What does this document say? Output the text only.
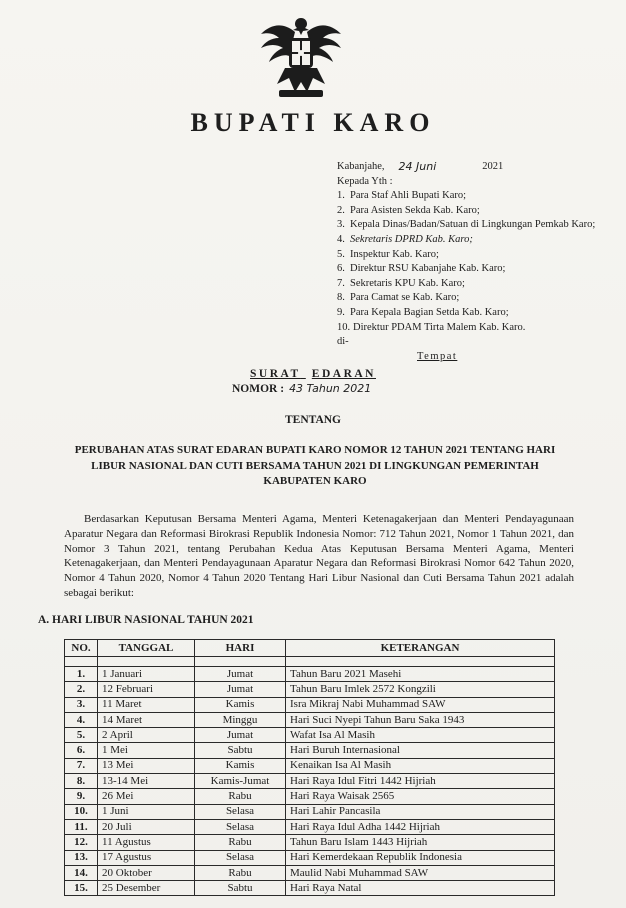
BUPATI KARO
Kabanjahe, 24 Juni	2021
Kepada Yth :
1. Para Staf Ahli Bupati Karo;
2. Para Asisten Sekda Kab. Karo;
3. Kepala Dinas/Badan/Satuan di Lingkungan Pemkab Karo;
4. Sekretaris DPRD Kab. Karo;
5. Inspektur Kab. Karo;
6. Direktur RSU Kabanjahe Kab. Karo;
7. Sekretaris KPU Kab. Karo;
8. Para Camat se Kab. Karo;
9. Para Kepala Bagian Setda Kab. Karo;
10. Direktur PDAM Tirta Malem Kab. Karo.
di-
Tempat
SURAT EDARAN
NOMOR : 43 Tahun 2021
TENTANG
PERUBAHAN ATAS SURAT EDARAN BUPATI KARO NOMOR 12 TAHUN 2021 TENTANG HARI LIBUR NASIONAL DAN CUTI BERSAMA TAHUN 2021 DI LINGKUNGAN PEMERINTAH KABUPATEN KARO

Berdasarkan Keputusan Bersama Menteri Agama, Menteri Ketenagakerjaan dan Menteri Pendayagunaan Aparatur Negara dan Reformasi Birokrasi Republik Indonesia Nomor: 712 Tahun 2021, Nomor 1 Tahun 2021, dan Nomor 3 Tahun 2021, tentang Perubahan Kedua Atas Keputusan Bersama Menteri Agama, Menteri Ketenagakerjaan, dan Menteri Pendayagunaan Aparatur Negara dan Reformasi Birokrasi Nomor 642 Tahun 2020, Nomor 4 Tahun 2020, Nomor 4 Tahun 2020 Tentang Hari Libur Nasional dan Cuti Bersama Tahun 2021 adalah sebagai berikut:

A. HARI LIBUR NASIONAL TAHUN 2021
NO.	TANGGAL	HARI	KETERANGAN

1.	1 Januari	Jumat	Tahun Baru 2021 Masehi
2.	12 Februari	Jumat	Tahun Baru Imlek 2572 Kongzili
3.	11 Maret	Kamis	Isra Mikraj Nabi Muhammad SAW
4.	14 Maret	Minggu	Hari Suci Nyepi Tahun Baru Saka 1943
5.	2 April	Jumat	Wafat Isa Al Masih
6.	1 Mei	Sabtu	Hari Buruh Internasional
7.	13 Mei	Kamis	Kenaikan Isa Al Masih
8.	13-14 Mei	Kamis-Jumat	Hari Raya Idul Fitri 1442 Hijriah
9.	26 Mei	Rabu	Hari Raya Waisak 2565
10.	1 Juni	Selasa	Hari Lahir Pancasila
11.	20 Juli	Selasa	Hari Raya Idul Adha 1442 Hijriah
12.	11 Agustus	Rabu	Tahun Baru Islam 1443 Hijriah
13.	17 Agustus	Selasa	Hari Kemerdekaan Republik Indonesia
14.	20 Oktober	Rabu	Maulid Nabi Muhammad SAW
15.	25 Desember	Sabtu	Hari Raya Natal
